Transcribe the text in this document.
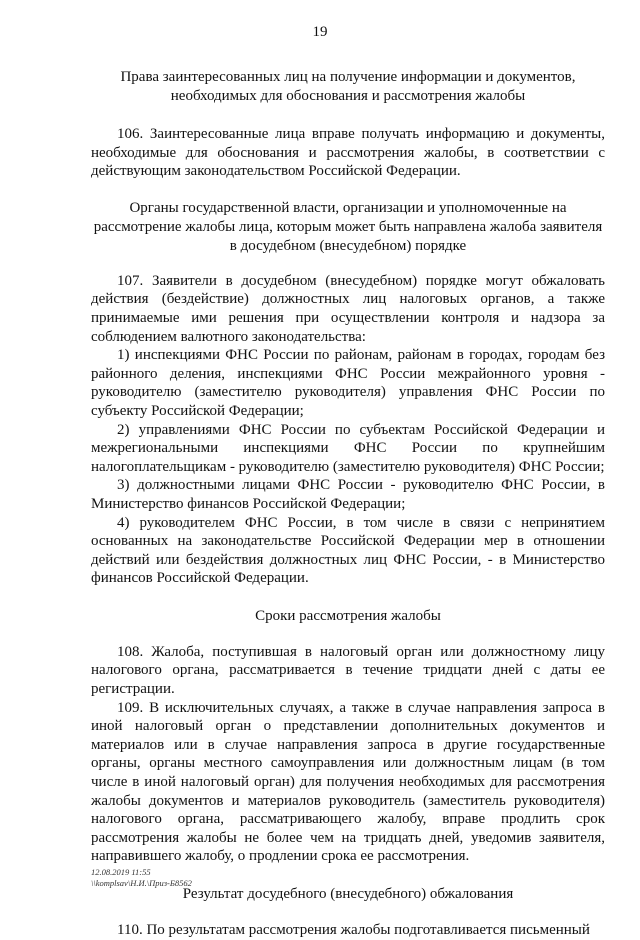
19

Права заинтересованных лиц на получение информации и документов, необходимых для обоснования и рассмотрения жалобы

106. Заинтересованные лица вправе получать информацию и документы, необходимые для обоснования и рассмотрения жалобы, в соответствии с действующим законодательством Российской Федерации.

Органы государственной власти, организации и уполномоченные на рассмотрение жалобы лица, которым может быть направлена жалоба заявителя в досудебном (внесудебном) порядке

107. Заявители в досудебном (внесудебном) порядке могут обжаловать действия (бездействие) должностных лиц налоговых органов, а также принимаемые ими решения при осуществлении контроля и надзора за соблюдением валютного законодательства:

1) инспекциями ФНС России по районам, районам в городах, городам без районного деления, инспекциями ФНС России межрайонного уровня - руководителю (заместителю руководителя) управления ФНС России по субъекту Российской Федерации;

2) управлениями ФНС России по субъектам Российской Федерации и межрегиональными инспекциями ФНС России по крупнейшим налогоплательщикам - руководителю (заместителю руководителя) ФНС России;

3) должностными лицами ФНС России - руководителю ФНС России, в Министерство финансов Российской Федерации;

4) руководителем ФНС России, в том числе в связи с непринятием основанных на законодательстве Российской Федерации мер в отношении действий или бездействия должностных лиц ФНС России, - в Министерство финансов Российской Федерации.

Сроки рассмотрения жалобы

108. Жалоба, поступившая в налоговый орган или должностному лицу налогового органа, рассматривается в течение тридцати дней с даты ее регистрации.

109. В исключительных случаях, а также в случае направления запроса в иной налоговый орган о представлении дополнительных документов и материалов или в случае направления запроса в другие государственные органы, органы местного самоуправления или должностным лицам (в том числе в иной налоговый орган) для получения необходимых для рассмотрения жалобы документов и материалов руководитель (заместитель руководителя) налогового органа, рассматривающего жалобу, вправе продлить срок рассмотрения жалобы не более чем на тридцать дней, уведомив заявителя, направившего жалобу, о продлении срока ее рассмотрения.

Результат досудебного (внесудебного) обжалования

110. По результатам рассмотрения жалобы подготавливается письменный

12.08.2019 11:55
\\komplsav\Н.И.\Приз-Б8562
